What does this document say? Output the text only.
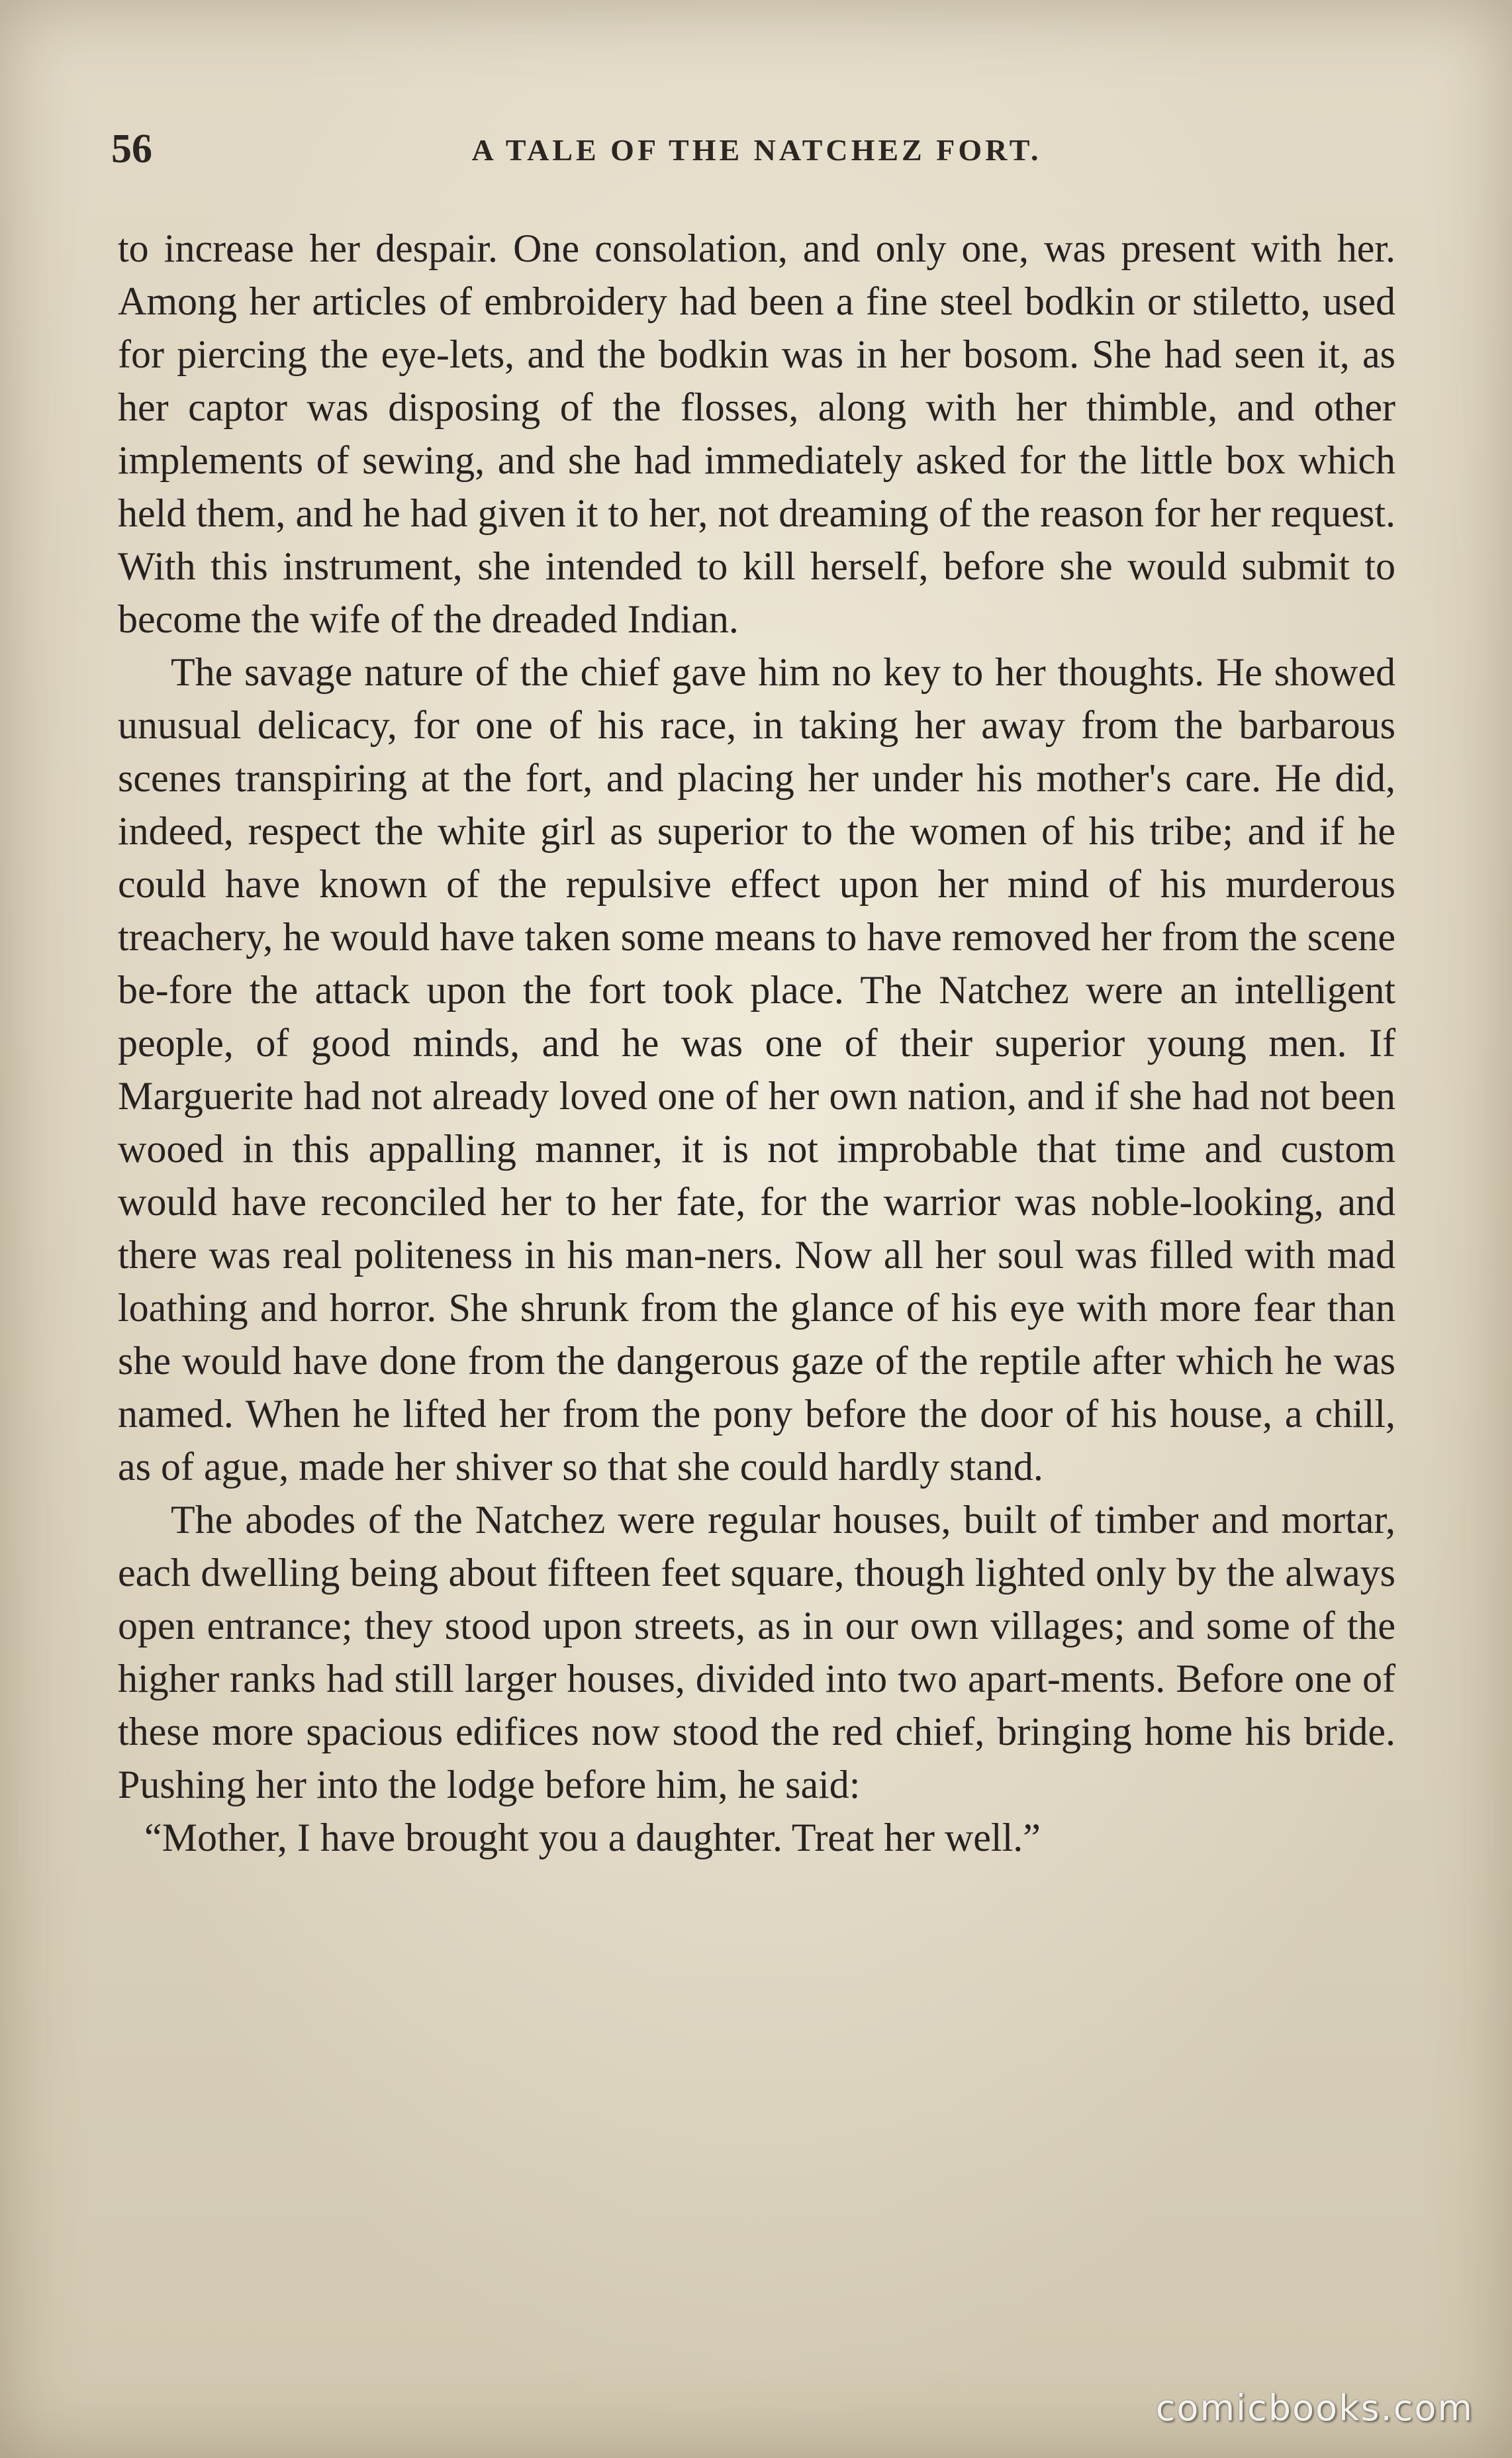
56	A TALE OF THE NATCHEZ FORT.

to increase her despair. One consolation, and only one, was present with her. Among her articles of embroidery had been a fine steel bodkin or stiletto, used for piercing the eye-lets, and the bodkin was in her bosom. She had seen it, as her captor was disposing of the flosses, along with her thimble, and other implements of sewing, and she had immediately asked for the little box which held them, and he had given it to her, not dreaming of the reason for her request. With this instrument, she intended to kill herself, before she would submit to become the wife of the dreaded Indian.

The savage nature of the chief gave him no key to her thoughts. He showed unusual delicacy, for one of his race, in taking her away from the barbarous scenes transpiring at the fort, and placing her under his mother's care. He did, indeed, respect the white girl as superior to the women of his tribe; and if he could have known of the repulsive effect upon her mind of his murderous treachery, he would have taken some means to have removed her from the scene be-fore the attack upon the fort took place. The Natchez were an intelligent people, of good minds, and he was one of their superior young men. If Marguerite had not already loved one of her own nation, and if she had not been wooed in this appalling manner, it is not improbable that time and custom would have reconciled her to her fate, for the warrior was noble-looking, and there was real politeness in his man-ners. Now all her soul was filled with mad loathing and horror. She shrunk from the glance of his eye with more fear than she would have done from the dangerous gaze of the reptile after which he was named. When he lifted her from the pony before the door of his house, a chill, as of ague, made her shiver so that she could hardly stand.

The abodes of the Natchez were regular houses, built of timber and mortar, each dwelling being about fifteen feet square, though lighted only by the always open entrance; they stood upon streets, as in our own villages; and some of the higher ranks had still larger houses, divided into two apart-ments. Before one of these more spacious edifices now stood the red chief, bringing home his bride. Pushing her into the lodge before him, he said:

“Mother, I have brought you a daughter. Treat her well.”

comicbooks.com
